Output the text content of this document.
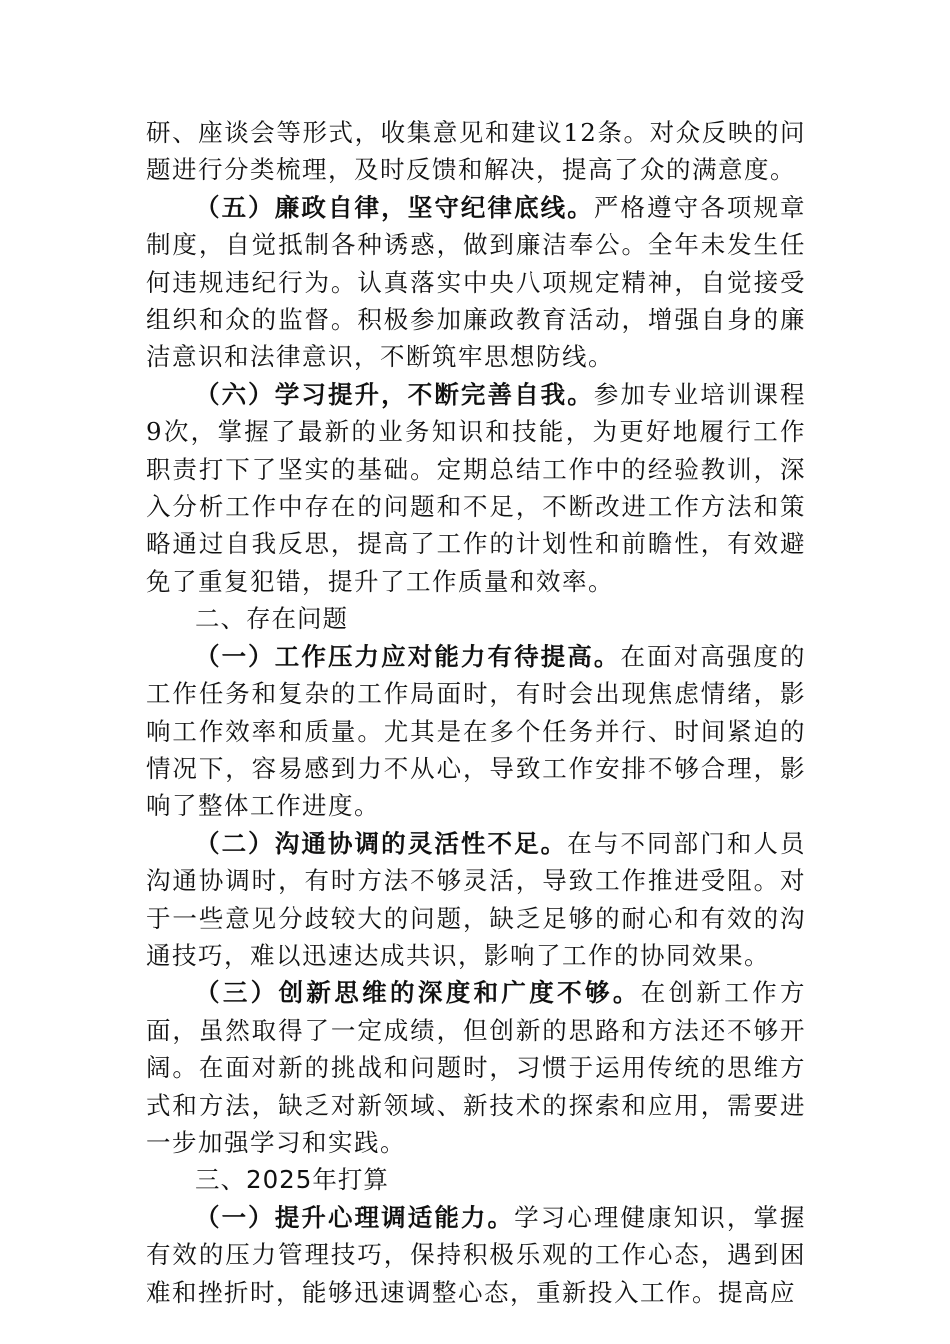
研、座谈会等形式，收集意见和建议12条。对众反映的问题进行分类梳理，及时反馈和解决，提高了众的满意度。

（五）廉政自律，坚守纪律底线。严格遵守各项规章制度，自觉抵制各种诱惑，做到廉洁奉公。全年未发生任何违规违纪行为。认真落实中央八项规定精神，自觉接受组织和众的监督。积极参加廉政教育活动，增强自身的廉洁意识和法律意识，不断筑牢思想防线。

（六）学习提升，不断完善自我。参加专业培训课程9次，掌握了最新的业务知识和技能，为更好地履行工作职责打下了坚实的基础。定期总结工作中的经验教训，深入分析工作中存在的问题和不足，不断改进工作方法和策略通过自我反思，提高了工作的计划性和前瞻性，有效避免了重复犯错，提升了工作质量和效率。

二、存在问题

（一）工作压力应对能力有待提高。在面对高强度的工作任务和复杂的工作局面时，有时会出现焦虑情绪，影响工作效率和质量。尤其是在多个任务并行、时间紧迫的情况下，容易感到力不从心，导致工作安排不够合理，影响了整体工作进度。

（二）沟通协调的灵活性不足。在与不同部门和人员沟通协调时，有时方法不够灵活，导致工作推进受阻。对于一些意见分歧较大的问题，缺乏足够的耐心和有效的沟通技巧，难以迅速达成共识，影响了工作的协同效果。

（三）创新思维的深度和广度不够。在创新工作方面，虽然取得了一定成绩，但创新的思路和方法还不够开阔。在面对新的挑战和问题时，习惯于运用传统的思维方式和方法，缺乏对新领域、新技术的探索和应用，需要进一步加强学习和实践。

三、2025年打算

（一）提升心理调适能力。学习心理健康知识，掌握有效的压力管理技巧，保持积极乐观的工作心态，遇到困难和挫折时，能够迅速调整心态，重新投入工作。提高应
